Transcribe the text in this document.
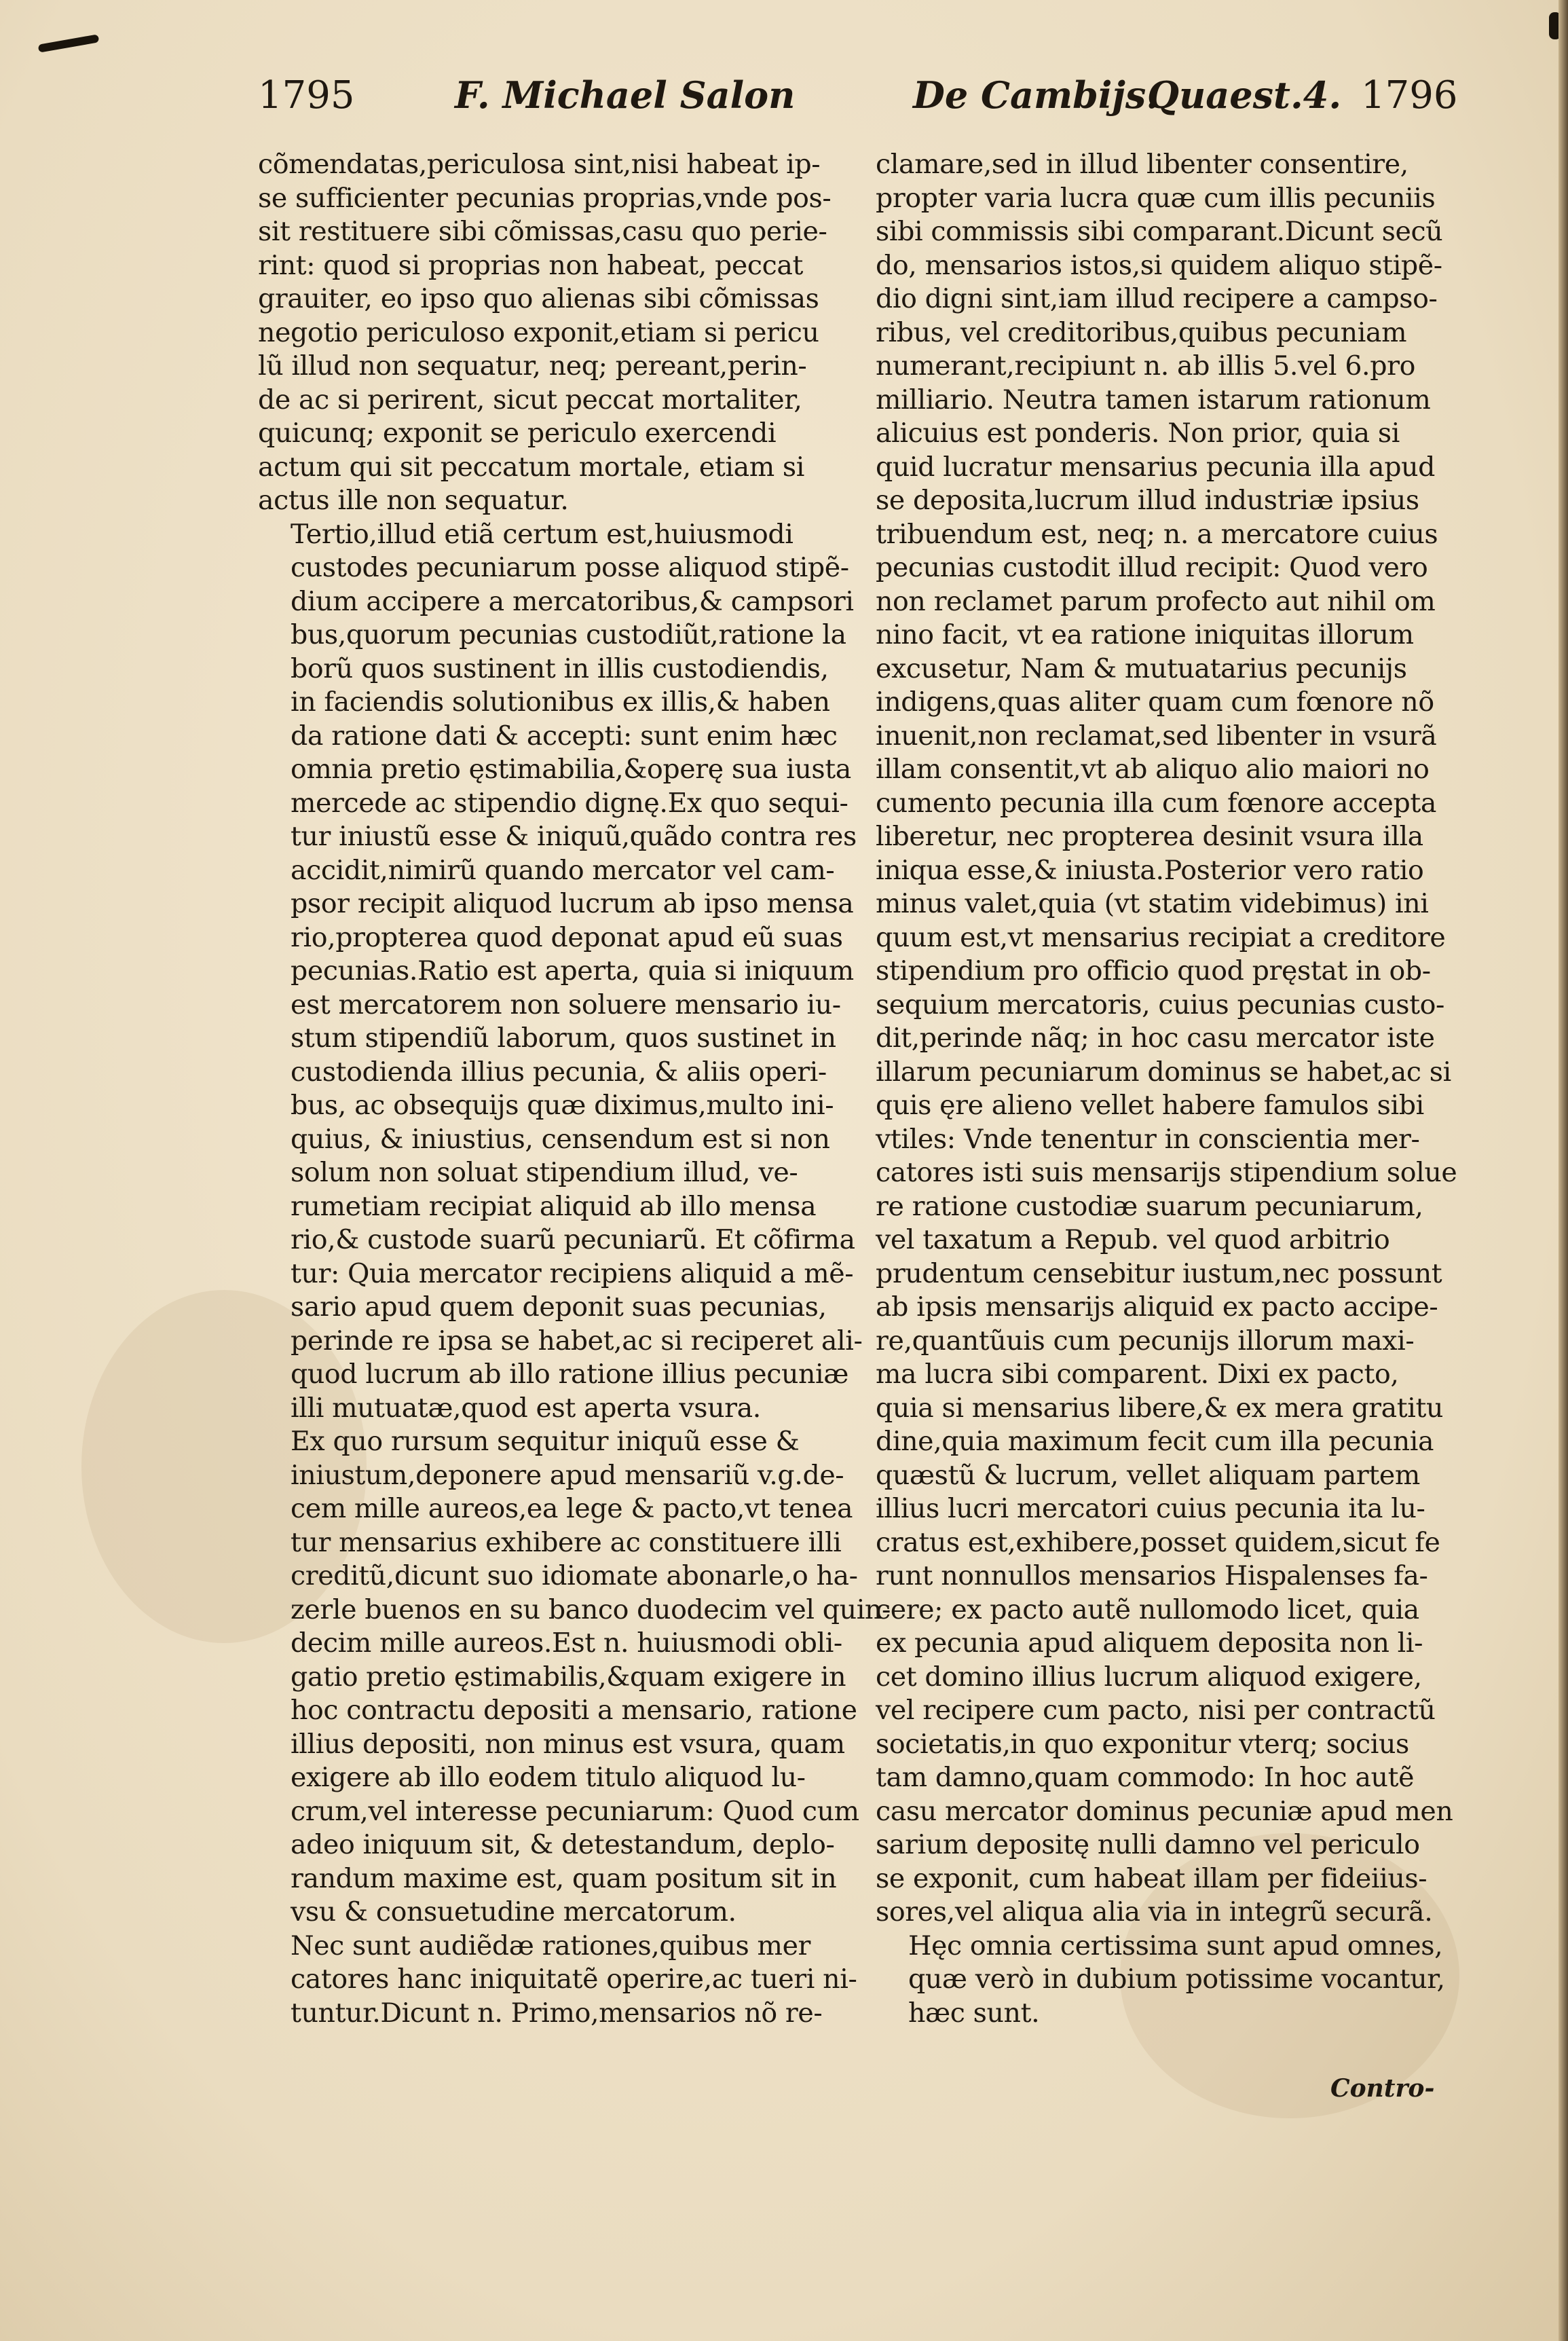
1795	F. Michael Salon	De Cambijs.
Quaest.4. 1796

cõmendatas,periculosa sint,nisi habeat ip-
se sufficienter pecunias proprias,vnde pos-
sit restituere sibi cõmissas,casu quo perie-
rint: quod si proprias non habeat, peccat
grauiter, eo ipso quo alienas sibi cõmissas
negotio periculoso exponit,etiam si pericu
lũ illud non sequatur, neq; pereant,perin-
de ac si perirent, sicut peccat mortaliter,
quicunq; exponit se periculo exercendi
actum qui sit peccatum mortale, etiam si
actus ille non sequatur.

Tertio,illud etiã certum est,huiusmodi
custodes pecuniarum posse aliquod stipẽ-
dium accipere a mercatoribus,& campsori
bus,quorum pecunias custodiũt,ratione la
borũ quos sustinent in illis custodiendis,
in faciendis solutionibus ex illis,& haben
da ratione dati & accepti: sunt enim hæc
omnia pretio ęstimabilia,&operę sua iusta
mercede ac stipendio dignę.Ex quo sequi-
tur iniustũ esse & iniquũ,quãdo contra res
accidit,nimirũ quando mercator vel cam-
psor recipit aliquod lucrum ab ipso mensa
rio,propterea quod deponat apud eũ suas
pecunias.Ratio est aperta, quia si iniquum
est mercatorem non soluere mensario iu-
stum stipendiũ laborum, quos sustinet in
custodienda illius pecunia, & aliis operi-
bus, ac obsequijs quæ diximus,multo ini-
quius, & iniustius, censendum est si non
solum non soluat stipendium illud, ve-
rumetiam recipiat aliquid ab illo mensa
rio,& custode suarũ pecuniarũ. Et cõfirma
tur: Quia mercator recipiens aliquid a mẽ-
sario apud quem deponit suas pecunias,
perinde re ipsa se habet,ac si reciperet ali-
quod lucrum ab illo ratione illius pecuniæ
illi mutuatæ,quod est aperta vsura.

Ex quo rursum sequitur iniquũ esse &
iniustum,deponere apud mensariũ v.g.de-
cem mille aureos,ea lege & pacto,vt tenea
tur mensarius exhibere ac constituere illi
creditũ,dicunt suo idiomate abonarle,o ha-
zerle buenos en su banco duodecim vel quin-
decim mille aureos.Est n. huiusmodi obli-
gatio pretio ęstimabilis,&quam exigere in
hoc contractu depositi a mensario, ratione
illius depositi, non minus est vsura, quam
exigere ab illo eodem titulo aliquod lu-
crum,vel interesse pecuniarum: Quod cum
adeo iniquum sit, & detestandum, deplo-
randum maxime est, quam positum sit in
vsu & consuetudine mercatorum.

Nec sunt audiẽdæ rationes,quibus mer
catores hanc iniquitatẽ operire,ac tueri ni-
tuntur.Dicunt n. Primo,mensarios nõ re-

clamare,sed in illud libenter consentire,
propter varia lucra quæ cum illis pecuniis
sibi commissis sibi comparant.Dicunt secũ
do, mensarios istos,si quidem aliquo stipẽ-
dio digni sint,iam illud recipere a campso-
ribus, vel creditoribus,quibus pecuniam
numerant,recipiunt n. ab illis 5.vel 6.pro
milliario. Neutra tamen istarum rationum
alicuius est ponderis. Non prior, quia si
quid lucratur mensarius pecunia illa apud
se deposita,lucrum illud industriæ ipsius
tribuendum est, neq; n. a mercatore cuius
pecunias custodit illud recipit: Quod vero
non reclamet parum profecto aut nihil om
nino facit, vt ea ratione iniquitas illorum
excusetur, Nam & mutuatarius pecunijs
indigens,quas aliter quam cum fœnore nõ
inuenit,non reclamat,sed libenter in vsurã
illam consentit,vt ab aliquo alio maiori no
cumento pecunia illa cum fœnore accepta
liberetur, nec propterea desinit vsura illa
iniqua esse,& iniusta.Posterior vero ratio
minus valet,quia (vt statim videbimus) ini
quum est,vt mensarius recipiat a creditore
stipendium pro officio quod pręstat in ob-
sequium mercatoris, cuius pecunias custo-
dit,perinde nãq; in hoc casu mercator iste
illarum pecuniarum dominus se habet,ac si
quis ęre alieno vellet habere famulos sibi
vtiles: Vnde tenentur in conscientia mer-
catores isti suis mensarijs stipendium solue
re ratione custodiæ suarum pecuniarum,
vel taxatum a Repub. vel quod arbitrio
prudentum censebitur iustum,nec possunt
ab ipsis mensarijs aliquid ex pacto accipe-
re,quantũuis cum pecunijs illorum maxi-
ma lucra sibi comparent. Dixi ex pacto,
quia si mensarius libere,& ex mera gratitu
dine,quia maximum fecit cum illa pecunia
quæstũ & lucrum, vellet aliquam partem
illius lucri mercatori cuius pecunia ita lu-
cratus est,exhibere,posset quidem,sicut fe
runt nonnullos mensarios Hispalenses fa-
cere; ex pacto autẽ nullomodo licet, quia
ex pecunia apud aliquem deposita non li-
cet domino illius lucrum aliquod exigere,
vel recipere cum pacto, nisi per contractũ
societatis,in quo exponitur vterq; socius
tam damno,quam commodo: In hoc autẽ
casu mercator dominus pecuniæ apud men
sarium depositę nulli damno vel periculo
se exponit, cum habeat illam per fideiius-
sores,vel aliqua alia via in integrũ securã.

Hęc omnia certissima sunt apud omnes,
quæ verò in dubium potissime vocantur,
hæc sunt.

Contro-
